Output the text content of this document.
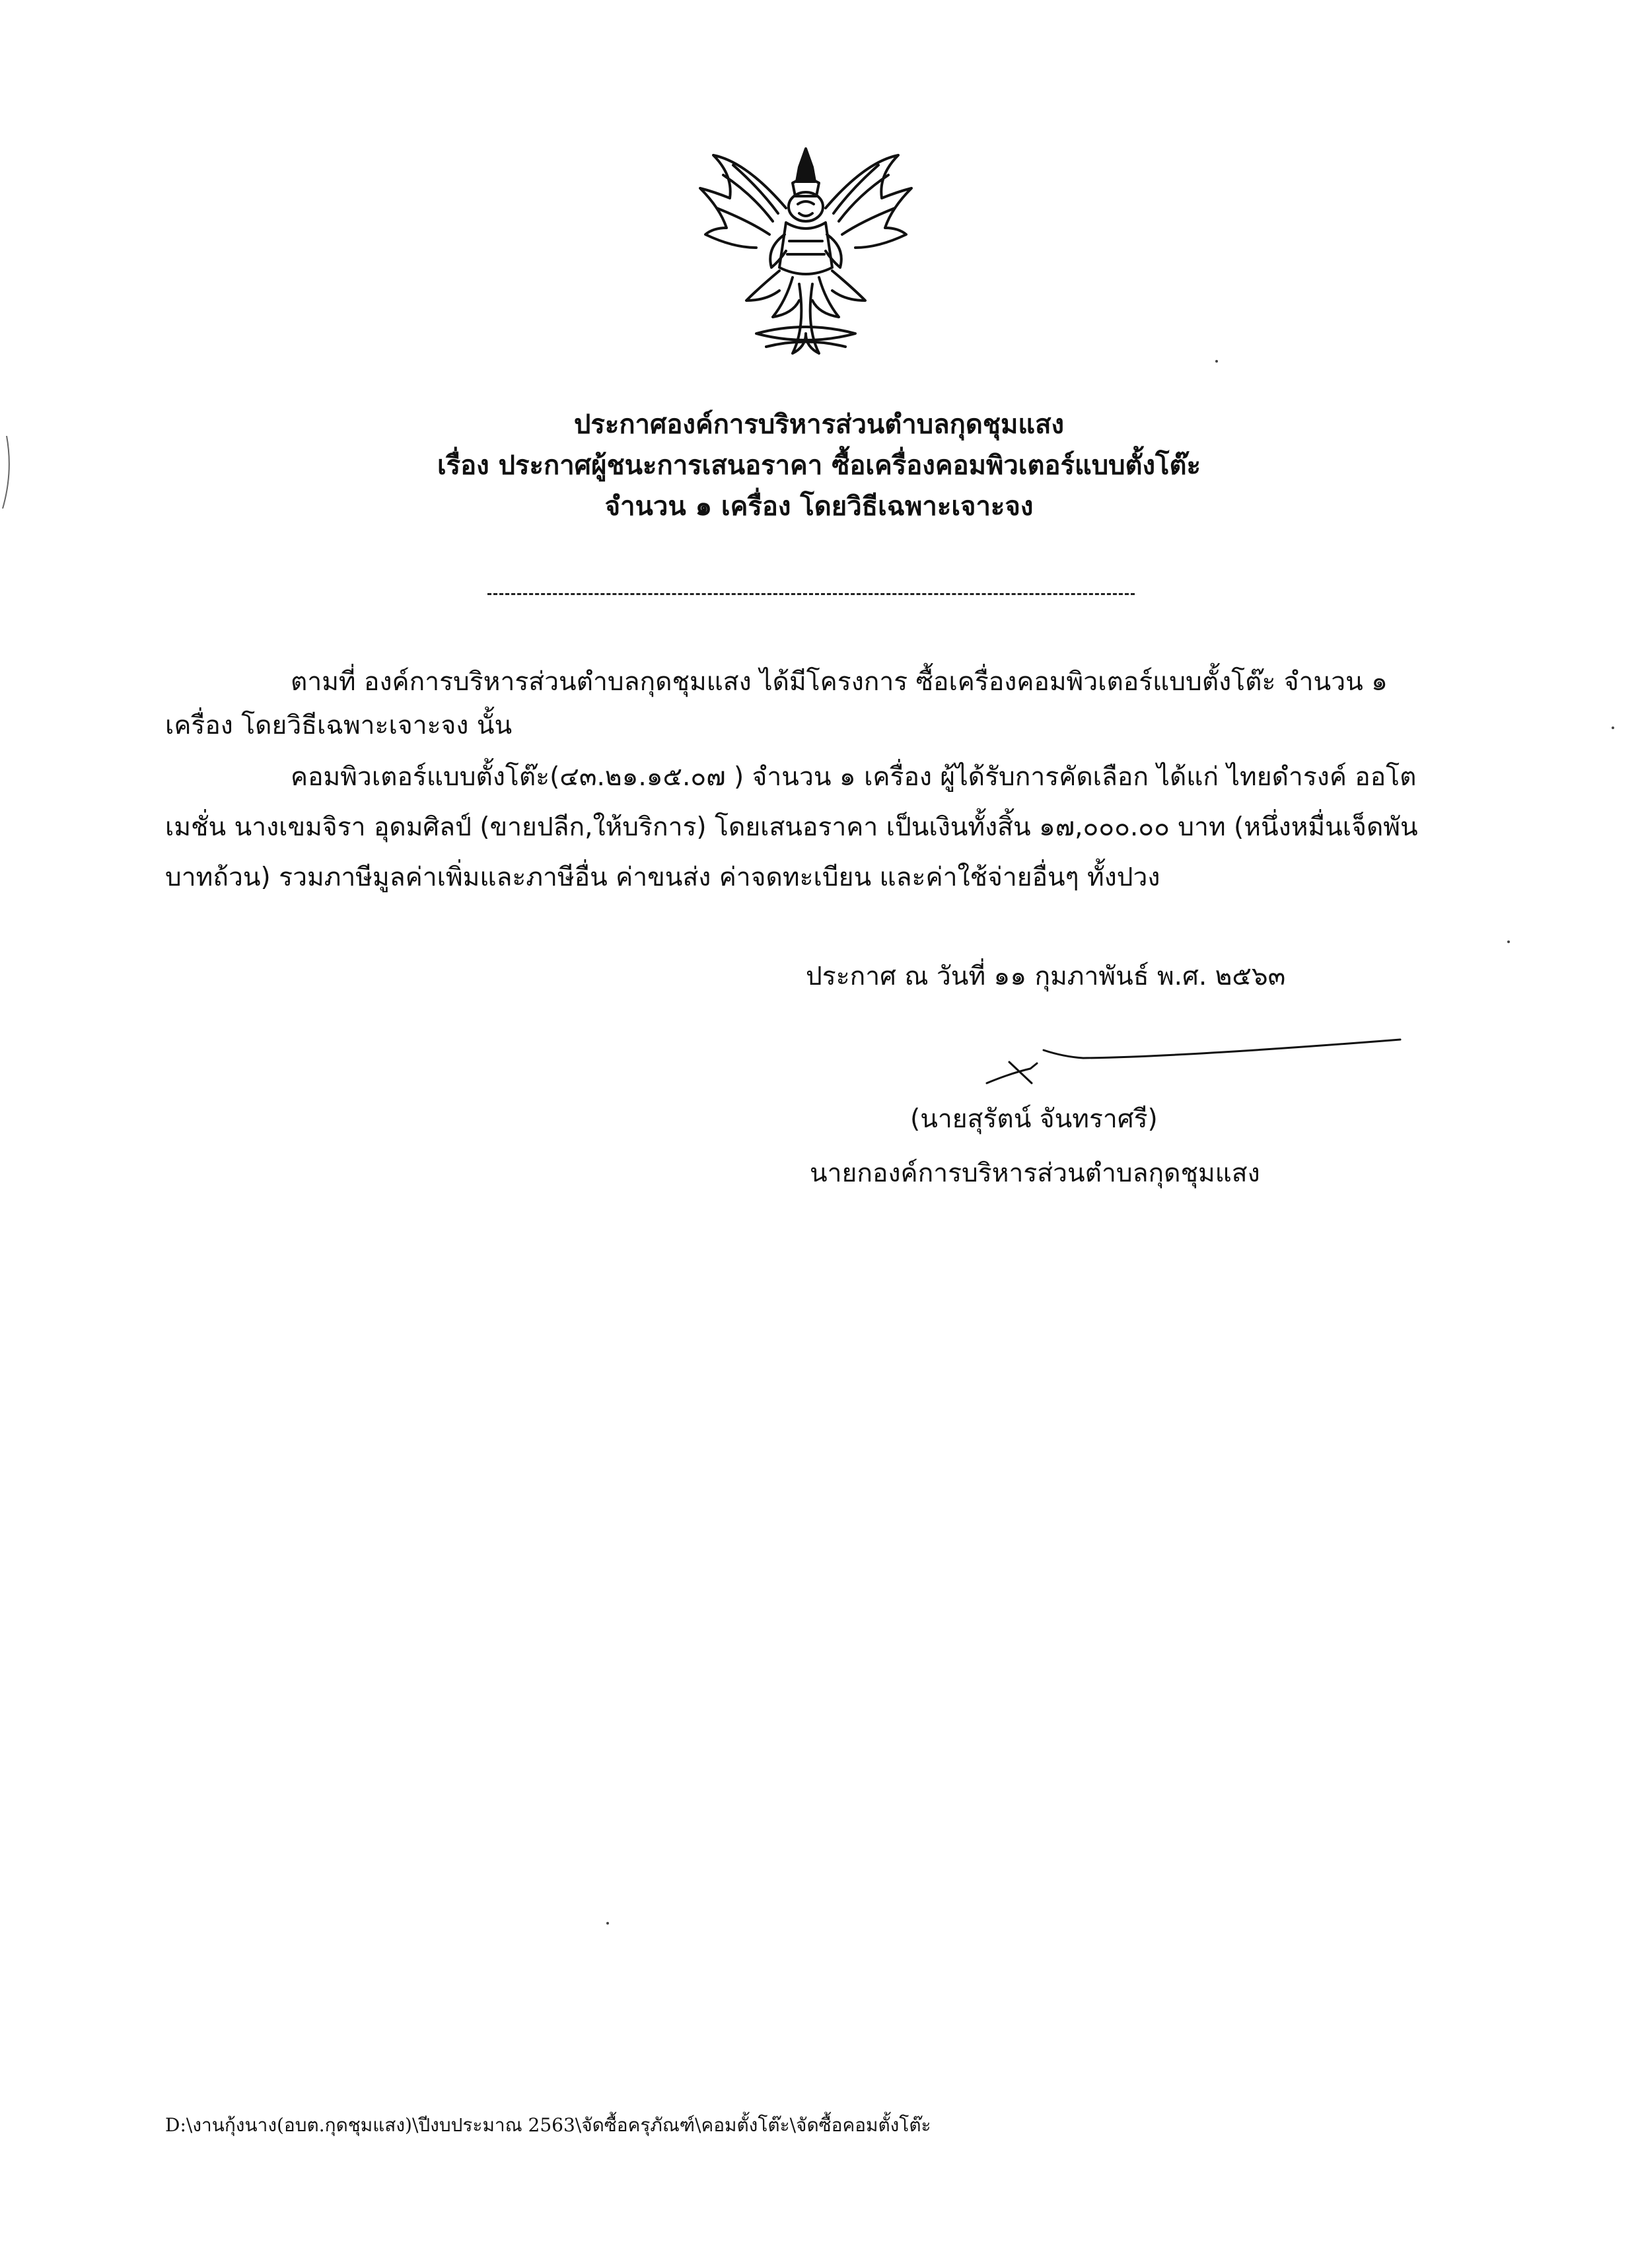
ประกาศองค์การบริหารส่วนตำบลกุดชุมแสง
เรื่อง ประกาศผู้ชนะการเสนอราคา ซื้อเครื่องคอมพิวเตอร์แบบตั้งโต๊ะ
จำนวน ๑ เครื่อง โดยวิธีเฉพาะเจาะจง
ตามที่ องค์การบริหารส่วนตำบลกุดชุมแสง ได้มีโครงการ ซื้อเครื่องคอมพิวเตอร์แบบตั้งโต๊ะ จำนวน ๑
เครื่อง โดยวิธีเฉพาะเจาะจง นั้น
คอมพิวเตอร์แบบตั้งโต๊ะ(๔๓.๒๑.๑๕.๐๗ ) จำนวน ๑ เครื่อง ผู้ได้รับการคัดเลือก ได้แก่ ไทยดำรงค์ ออโต
เมชั่น นางเขมจิรา อุดมศิลป์ (ขายปลีก,ให้บริการ) โดยเสนอราคา เป็นเงินทั้งสิ้น ๑๗,๐๐๐.๐๐ บาท (หนึ่งหมื่นเจ็ดพัน
บาทถ้วน) รวมภาษีมูลค่าเพิ่มและภาษีอื่น ค่าขนส่ง ค่าจดทะเบียน และค่าใช้จ่ายอื่นๆ ทั้งปวง
ประกาศ ณ วันที่ ๑๑ กุมภาพันธ์ พ.ศ. ๒๕๖๓
(นายสุรัตน์ จันทราศรี)
นายกองค์การบริหารส่วนตำบลกุดชุมแสง
D:\งานกุ้งนาง(อบต.กุดชุมแสง)\ปีงบประมาณ 2563\จัดซื้อครุภัณฑ์\คอมตั้งโต๊ะ\จัดซื้อคอมตั้งโต๊ะ
